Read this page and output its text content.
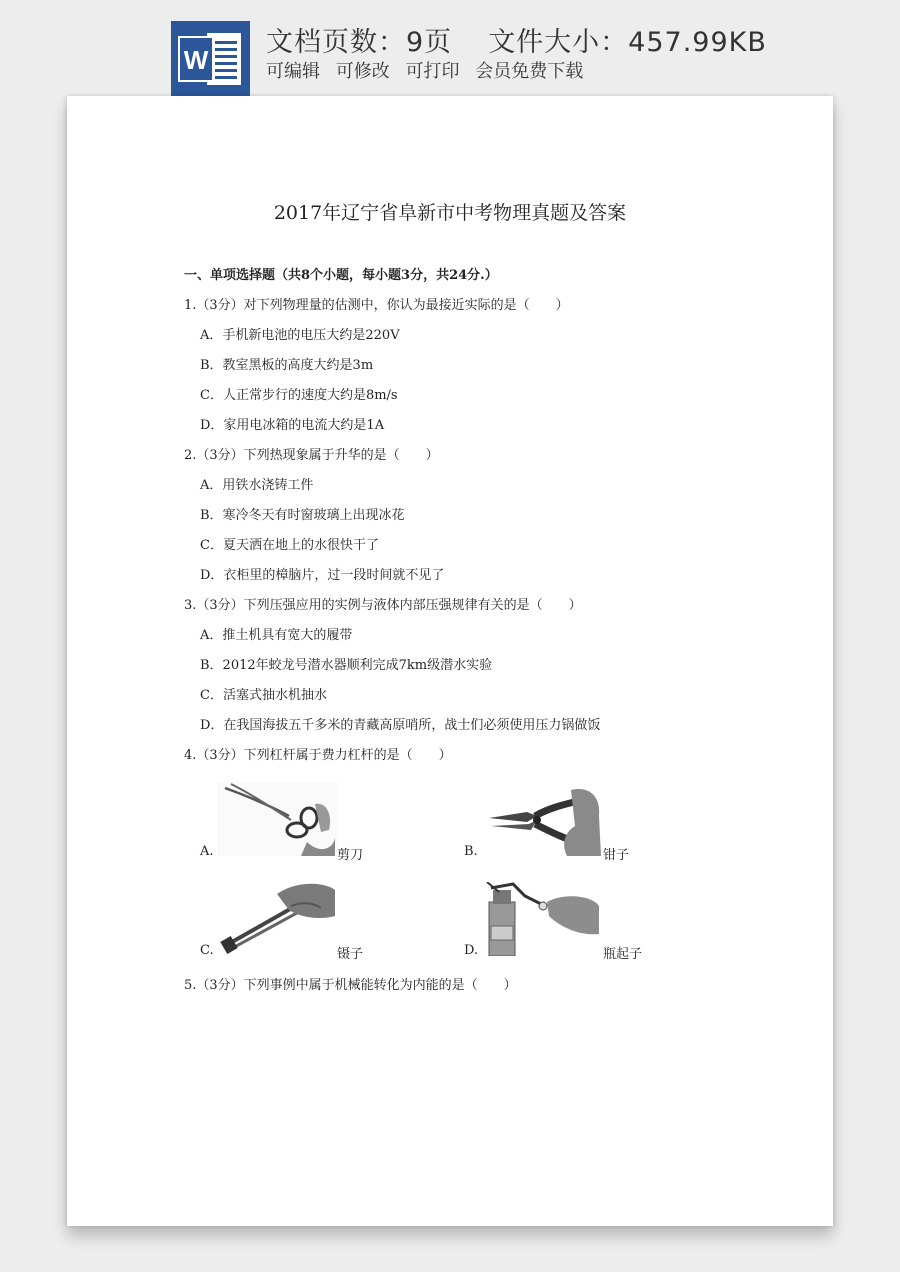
W
文档页数：9页 文件大小：457.99KB
可编辑 可修改 可打印 会员免费下载
2017年辽宁省阜新市中考物理真题及答案
一、单项选择题（共8个小题，每小题3分，共24分.）
1.（3分）对下列物理量的估测中，你认为最接近实际的是（　　）
A．手机新电池的电压大约是220V
B．教室黑板的高度大约是3m
C．人正常步行的速度大约是8m/s
D．家用电冰箱的电流大约是1A
2.（3分）下列热现象属于升华的是（　　）
A．用铁水浇铸工件
B．寒冷冬天有时窗玻璃上出现冰花
C．夏天洒在地上的水很快干了
D．衣柜里的樟脑片，过一段时间就不见了
3.（3分）下列压强应用的实例与液体内部压强规律有关的是（　　）
A．推土机具有宽大的履带
B．2012年蛟龙号潜水器顺利完成7km级潜水实验
C．活塞式抽水机抽水
D．在我国海拔五千多米的青藏高原哨所，战士们必须使用压力锅做饭
4.（3分）下列杠杆属于费力杠杆的是（　　）
A.	剪刀	B.	钳子
C.	镊子	D.	瓶起子
5.（3分）下列事例中属于机械能转化为内能的是（　　）
